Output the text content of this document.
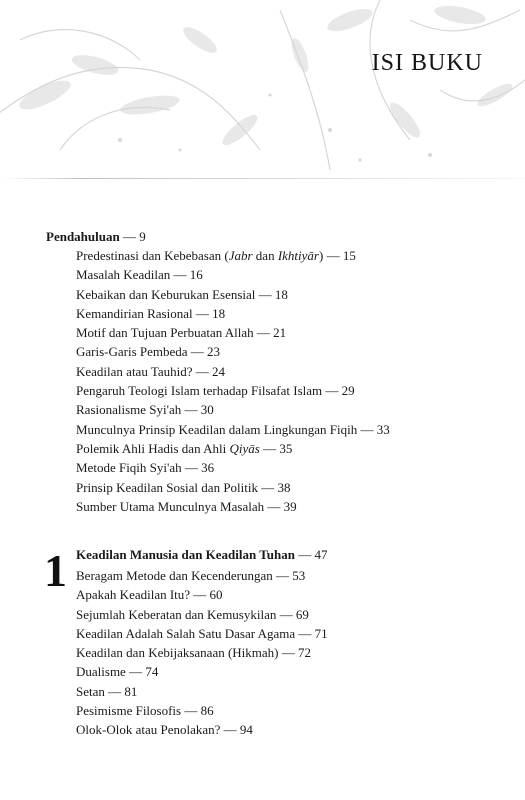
ISI BUKU
Pendahuluan — 9
Predestinasi dan Kebebasan (Jabr dan Ikhtiyār) — 15
Masalah Keadilan — 16
Kebaikan dan Keburukan Esensial — 18
Kemandirian Rasional — 18
Motif dan Tujuan Perbuatan Allah — 21
Garis-Garis Pembeda — 23
Keadilan atau Tauhid? — 24
Pengaruh Teologi Islam terhadap Filsafat Islam — 29
Rasionalisme Syi'ah — 30
Munculnya Prinsip Keadilan dalam Lingkungan Fiqih — 33
Polemik Ahli Hadis dan Ahli Qiyās — 35
Metode Fiqih Syi'ah — 36
Prinsip Keadilan Sosial dan Politik — 38
Sumber Utama Munculnya Masalah — 39
1 Keadilan Manusia dan Keadilan Tuhan — 47
Beragam Metode dan Kecenderungan — 53
Apakah Keadilan Itu? — 60
Sejumlah Keberatan dan Kemusykilan — 69
Keadilan Adalah Salah Satu Dasar Agama — 71
Keadilan dan Kebijaksanaan (Hikmah) — 72
Dualisme — 74
Setan — 81
Pesimisme Filosofis — 86
Olok-Olok atau Penolakan? — 94
